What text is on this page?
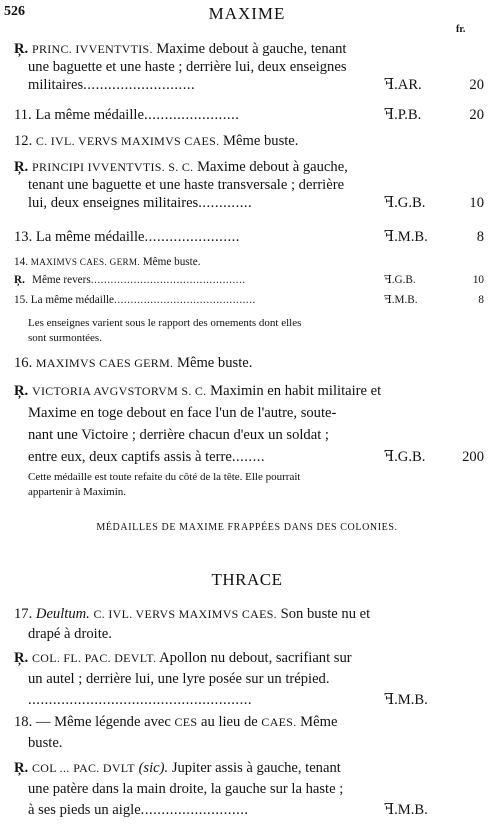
526	MAXIME
fr.
Ŗ. PRINC. IVVENTVTIS. Maxime debout à gauche, tenant
une baguette et une haste ; derrière lui, deux enseignes
militaires...........................	ꟻ.AR.	20
11. La même médaille.......................	ꟻ.P.B.	20
12. C. IVL. VERVS MAXIMVS CAES. Même buste.
Ŗ. PRINCIPI IVVENTVTIS. S. C. Maxime debout à gauche,
tenant une baguette et une haste transversale ; derrière
lui, deux enseignes militaires.............	ꟻ.G.B.	10
13. La même médaille.......................	ꟻ.M.B.	8
14. MAXIMVS CAES. GERM. Même buste.
Ŗ. Même revers...............................................	ꟻ.G.B.	10
15. La même médaille...........................................	ꟻ.M.B.	8
Les enseignes varient sous le rapport des ornements dont elles
sont surmontées.
16. MAXIMVS CAES GERM. Même buste.
Ŗ. VICTORIA AVGVSTORVM S. C. Maximin en habit militaire et
Maxime en toge debout en face l'un de l'autre, soute-
nant une Victoire ; derrière chacun d'eux un soldat ;
entre eux, deux captifs assis à terre........	ꟻ.G.B.	200
Cette médaille est toute refaite du côté de la tête. Elle pourrait
appartenir à Maximin.
MÉDAILLES DE MAXIME FRAPPÉES DANS DES COLONIES.
THRACE
17. Deultum. C. IVL. VERVS MAXIMVS CAES. Son buste nu et
drapé à droite.
Ŗ. COL. FL. PAC. DEVLT. Apollon nu debout, sacrifiant sur
un autel ; derrière lui, une lyre posée sur un trépied.
......................................................	ꟻ.M.B.
18. — Même légende avec CES au lieu de CAES. Même
buste.
Ŗ. COL ... PAC. DVLT (sic). Jupiter assis à gauche, tenant
une patère dans la main droite, la gauche sur la haste ;
à ses pieds un aigle..........................	ꟻ.M.B.
